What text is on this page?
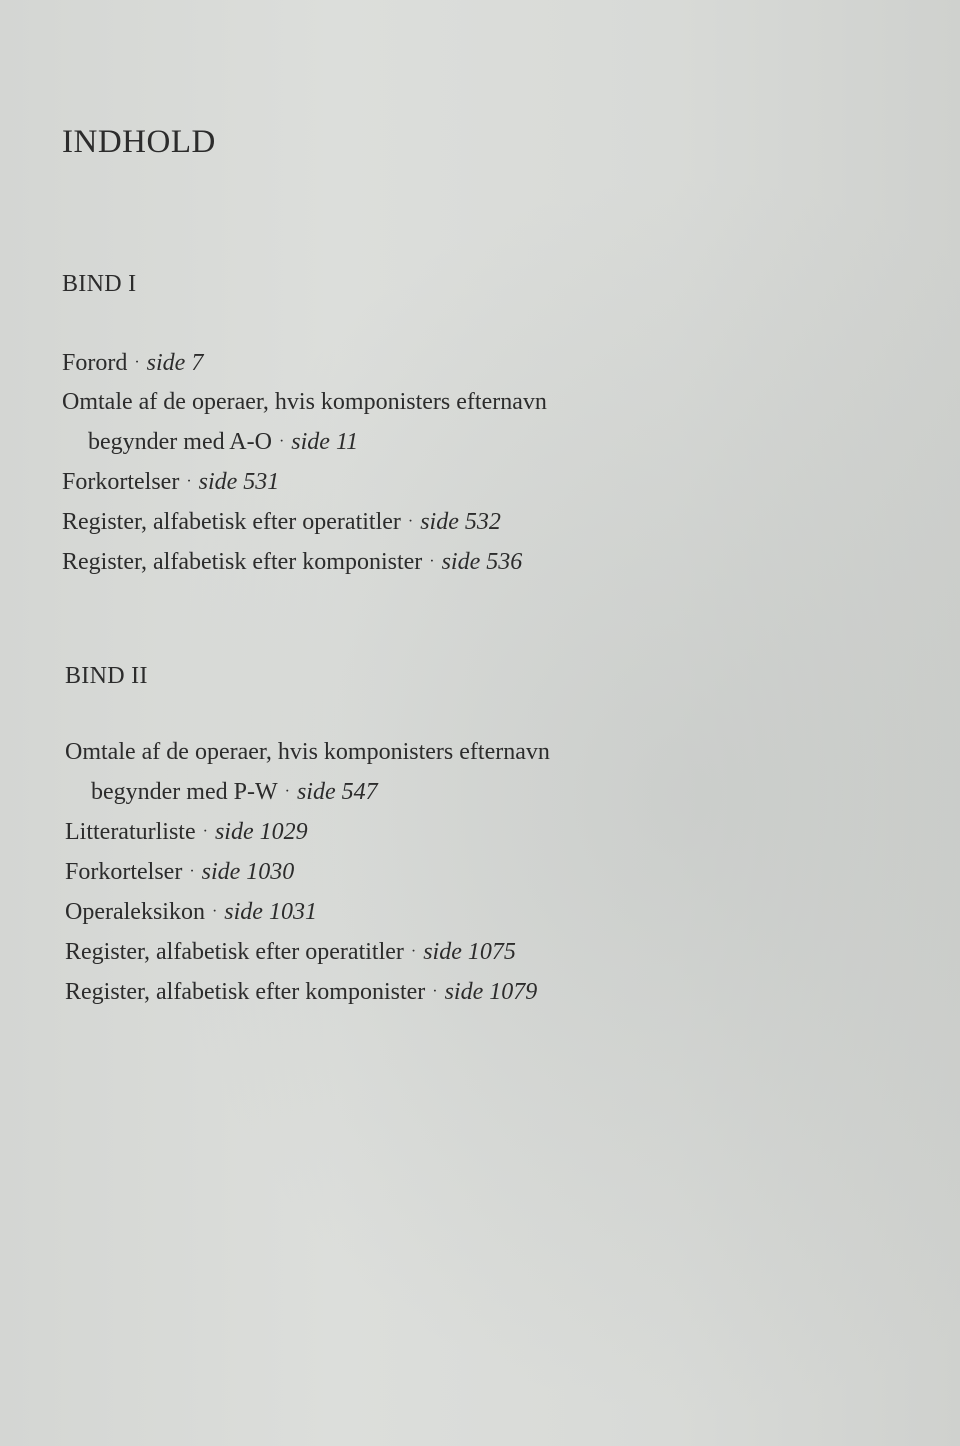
INDHOLD
BIND I
Forord · side 7
Omtale af de operaer, hvis komponisters efternavn
begynder med A-O · side 11
Forkortelser · side 531
Register, alfabetisk efter operatitler · side 532
Register, alfabetisk efter komponister · side 536
BIND II
Omtale af de operaer, hvis komponisters efternavn
begynder med P-W · side 547
Litteraturliste · side 1029
Forkortelser · side 1030
Operaleksikon · side 1031
Register, alfabetisk efter operatitler · side 1075
Register, alfabetisk efter komponister · side 1079
